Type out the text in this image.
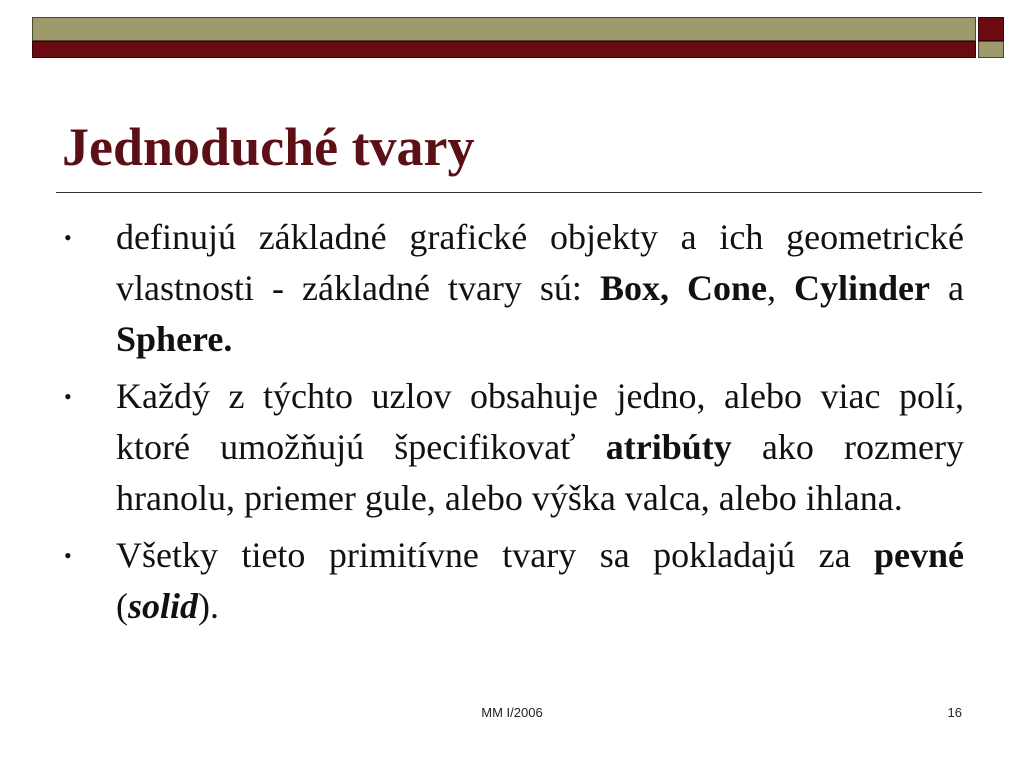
Jednoduché tvary
• definujú základné grafické objekty a ich geometrické vlastnosti - základné tvary sú: Box, Cone, Cylinder a Sphere.
• Každý z týchto uzlov obsahuje jedno, alebo viac polí, ktoré umožňujú špecifikovať atribúty ako rozmery hranolu, priemer gule, alebo výška valca, alebo ihlana.
• Všetky tieto primitívne tvary sa pokladajú za pevné (solid).
MM I/2006	16
